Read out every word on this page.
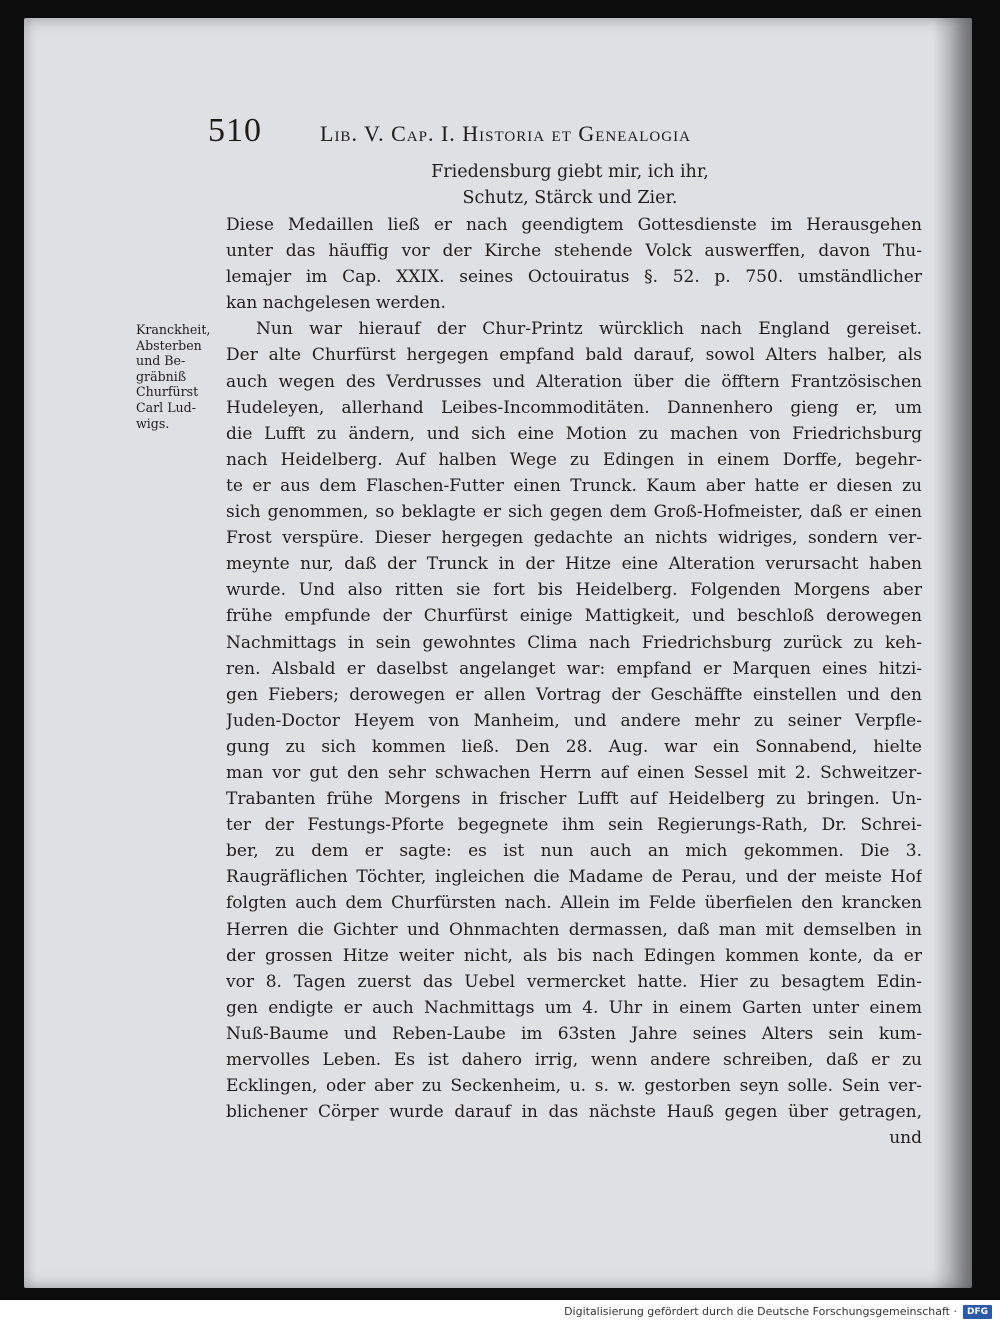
510	Lib. V. Cap. I. Historia et Genealogia
Friedensburg giebt mir, ich ihr,
Schutz, Stärck und Zier.
Kranckheit,
Absterben
und Be-
gräbniß
Churfürst
Carl Lud-
wigs.
Diese Medaillen ließ er nach geendigtem Gottesdienste im Herausgehen
unter das häuffig vor der Kirche stehende Volck auswerffen, davon Thu-
lemajer im Cap. XXIX. seines Octouiratus §. 52. p. 750. umständlicher
kan nachgelesen werden.
Nun war hierauf der Chur-Printz würcklich nach England gereiset.
Der alte Churfürst hergegen empfand bald darauf, sowol Alters halber, als
auch wegen des Verdrusses und Alteration über die öfftern Frantzösischen
Hudeleyen, allerhand Leibes-Incommoditäten. Dannenhero gieng er, um
die Lufft zu ändern, und sich eine Motion zu machen von Friedrichsburg
nach Heidelberg. Auf halben Wege zu Edingen in einem Dorffe, begehr-
te er aus dem Flaschen-Futter einen Trunck. Kaum aber hatte er diesen zu
sich genommen, so beklagte er sich gegen dem Groß-Hofmeister, daß er einen
Frost verspüre. Dieser hergegen gedachte an nichts widriges, sondern ver-
meynte nur, daß der Trunck in der Hitze eine Alteration verursacht haben
wurde. Und also ritten sie fort bis Heidelberg. Folgenden Morgens aber
frühe empfunde der Churfürst einige Mattigkeit, und beschloß derowegen
Nachmittags in sein gewohntes Clima nach Friedrichsburg zurück zu keh-
ren. Alsbald er daselbst angelanget war: empfand er Marquen eines hitzi-
gen Fiebers; derowegen er allen Vortrag der Geschäffte einstellen und den
Juden-Doctor Heyem von Manheim, und andere mehr zu seiner Verpfle-
gung zu sich kommen ließ. Den 28. Aug. war ein Sonnabend, hielte
man vor gut den sehr schwachen Herrn auf einen Sessel mit 2. Schweitzer-
Trabanten frühe Morgens in frischer Lufft auf Heidelberg zu bringen. Un-
ter der Festungs-Pforte begegnete ihm sein Regierungs-Rath, Dr. Schrei-
ber, zu dem er sagte: es ist nun auch an mich gekommen. Die 3.
Raugräflichen Töchter, ingleichen die Madame de Perau, und der meiste Hof
folgten auch dem Churfürsten nach. Allein im Felde überfielen den krancken
Herren die Gichter und Ohnmachten dermassen, daß man mit demselben in
der grossen Hitze weiter nicht, als bis nach Edingen kommen konte, da er
vor 8. Tagen zuerst das Uebel vermercket hatte. Hier zu besagtem Edin-
gen endigte er auch Nachmittags um 4. Uhr in einem Garten unter einem
Nuß-Baume und Reben-Laube im 63sten Jahre seines Alters sein kum-
mervolles Leben. Es ist dahero irrig, wenn andere schreiben, daß er zu
Ecklingen, oder aber zu Seckenheim, u. s. w. gestorben seyn solle. Sein ver-
blichener Cörper wurde darauf in das nächste Hauß gegen über getragen,
und
Digitalisierung gefördert durch die Deutsche Forschungsgemeinschaft ·	DFG
